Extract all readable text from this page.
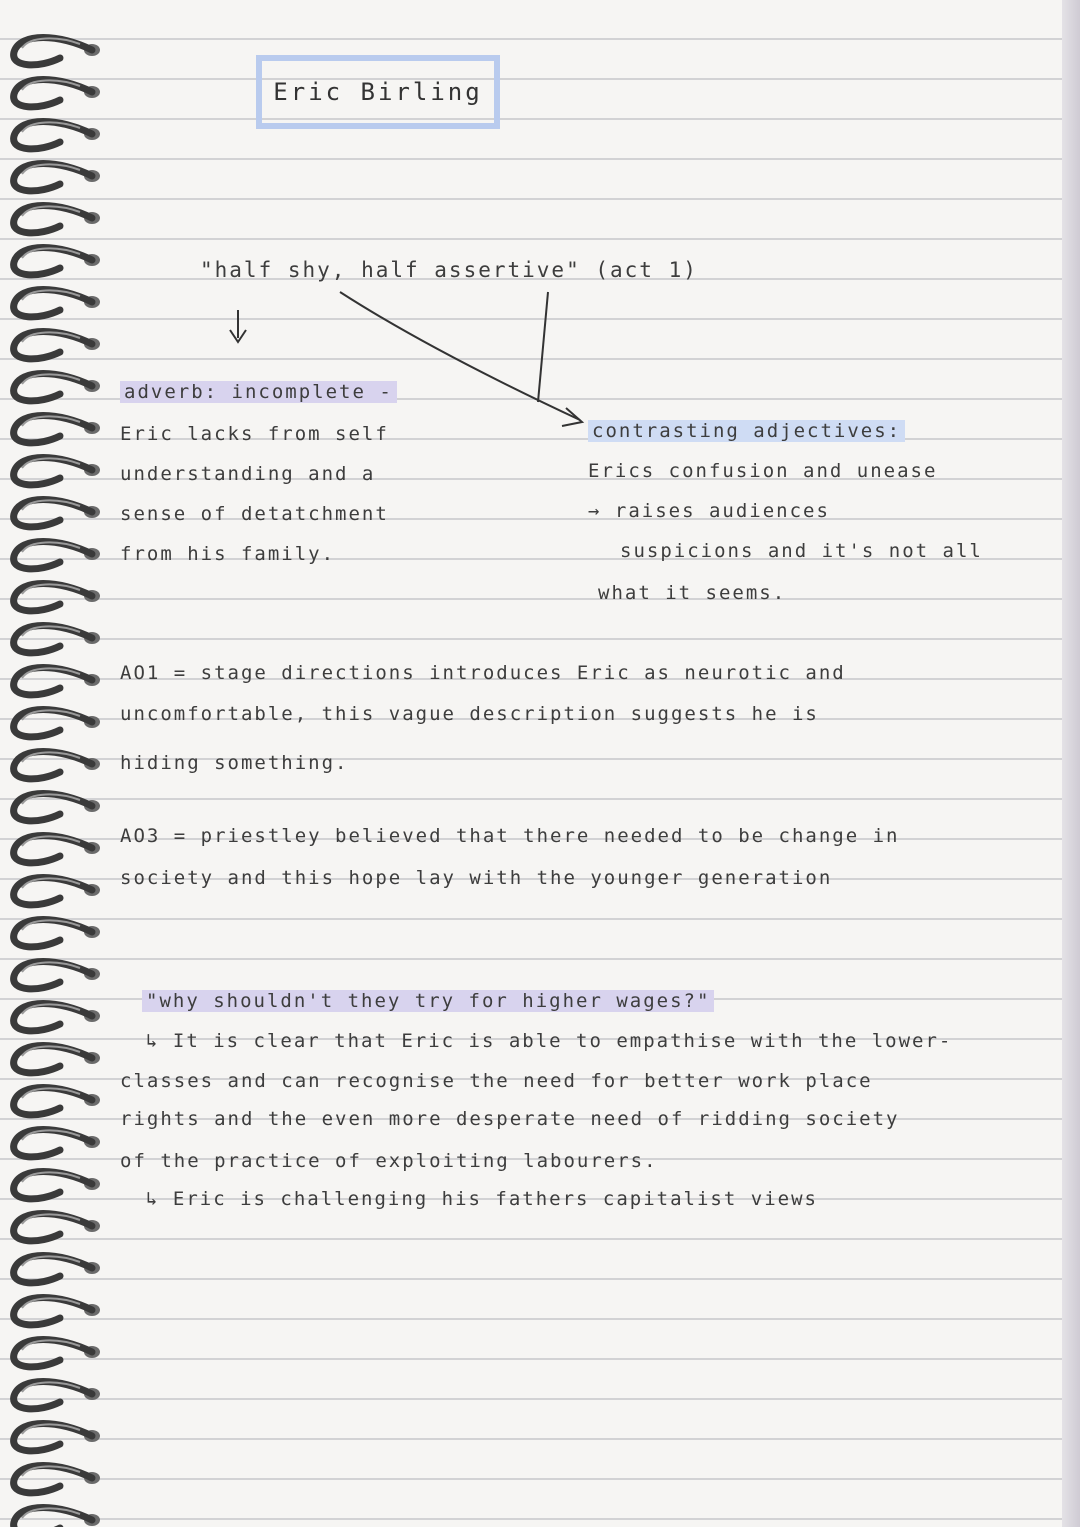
Eric Birling
"half shy, half assertive" (act 1)
adverb: incomplete -
Eric lacks from self
understanding and a
sense of detatchment
from his family.
contrasting adjectives:
Erics confusion and unease
→ raises audiences
suspicions and it's not all
what it seems.
AO1 = stage directions introduces Eric as neurotic and
uncomfortable, this vague description suggests he is
hiding something.
AO3 = priestley believed that there needed to be change in
society and this hope lay with the younger generation
"why shouldn't they try for higher wages?"
↳ It is clear that Eric is able to empathise with the lower-
classes and can recognise the need for better work place
rights and the even more desperate need of ridding society
of the practice of exploiting labourers.
↳ Eric is challenging his fathers capitalist views
